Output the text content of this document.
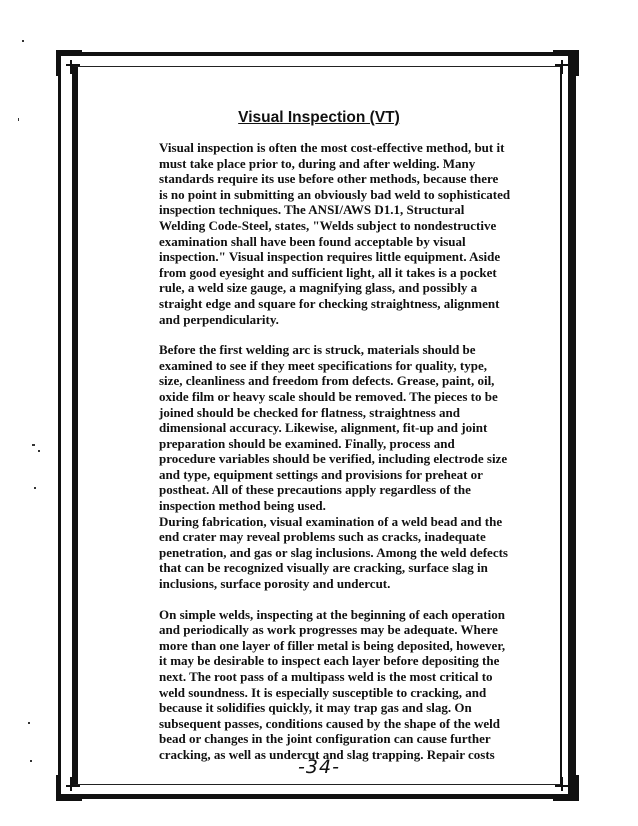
Visual Inspection (VT)

Visual inspection is often the most cost-effective method, but it
must take place prior to, during and after welding. Many
standards require its use before other methods, because there
is no point in submitting an obviously bad weld to sophisticated
inspection techniques. The ANSI/AWS D1.1, Structural
Welding Code-Steel, states, "Welds subject to nondestructive
examination shall have been found acceptable by visual
inspection." Visual inspection requires little equipment. Aside
from good eyesight and sufficient light, all it takes is a pocket
rule, a weld size gauge, a magnifying glass, and possibly a
straight edge and square for checking straightness, alignment
and perpendicularity.

Before the first welding arc is struck, materials should be
examined to see if they meet specifications for quality, type,
size, cleanliness and freedom from defects. Grease, paint, oil,
oxide film or heavy scale should be removed. The pieces to be
joined should be checked for flatness, straightness and
dimensional accuracy. Likewise, alignment, fit-up and joint
preparation should be examined. Finally, process and
procedure variables should be verified, including electrode size
and type, equipment settings and provisions for preheat or
postheat. All of these precautions apply regardless of the
inspection method being used.

During fabrication, visual examination of a weld bead and the
end crater may reveal problems such as cracks, inadequate
penetration, and gas or slag inclusions. Among the weld defects
that can be recognized visually are cracking, surface slag in
inclusions, surface porosity and undercut.

On simple welds, inspecting at the beginning of each operation
and periodically as work progresses may be adequate. Where
more than one layer of filler metal is being deposited, however,
it may be desirable to inspect each layer before depositing the
next. The root pass of a multipass weld is the most critical to
weld soundness. It is especially susceptible to cracking, and
because it solidifies quickly, it may trap gas and slag. On
subsequent passes, conditions caused by the shape of the weld
bead or changes in the joint configuration can cause further
cracking, as well as undercut and slag trapping. Repair costs

-34-
